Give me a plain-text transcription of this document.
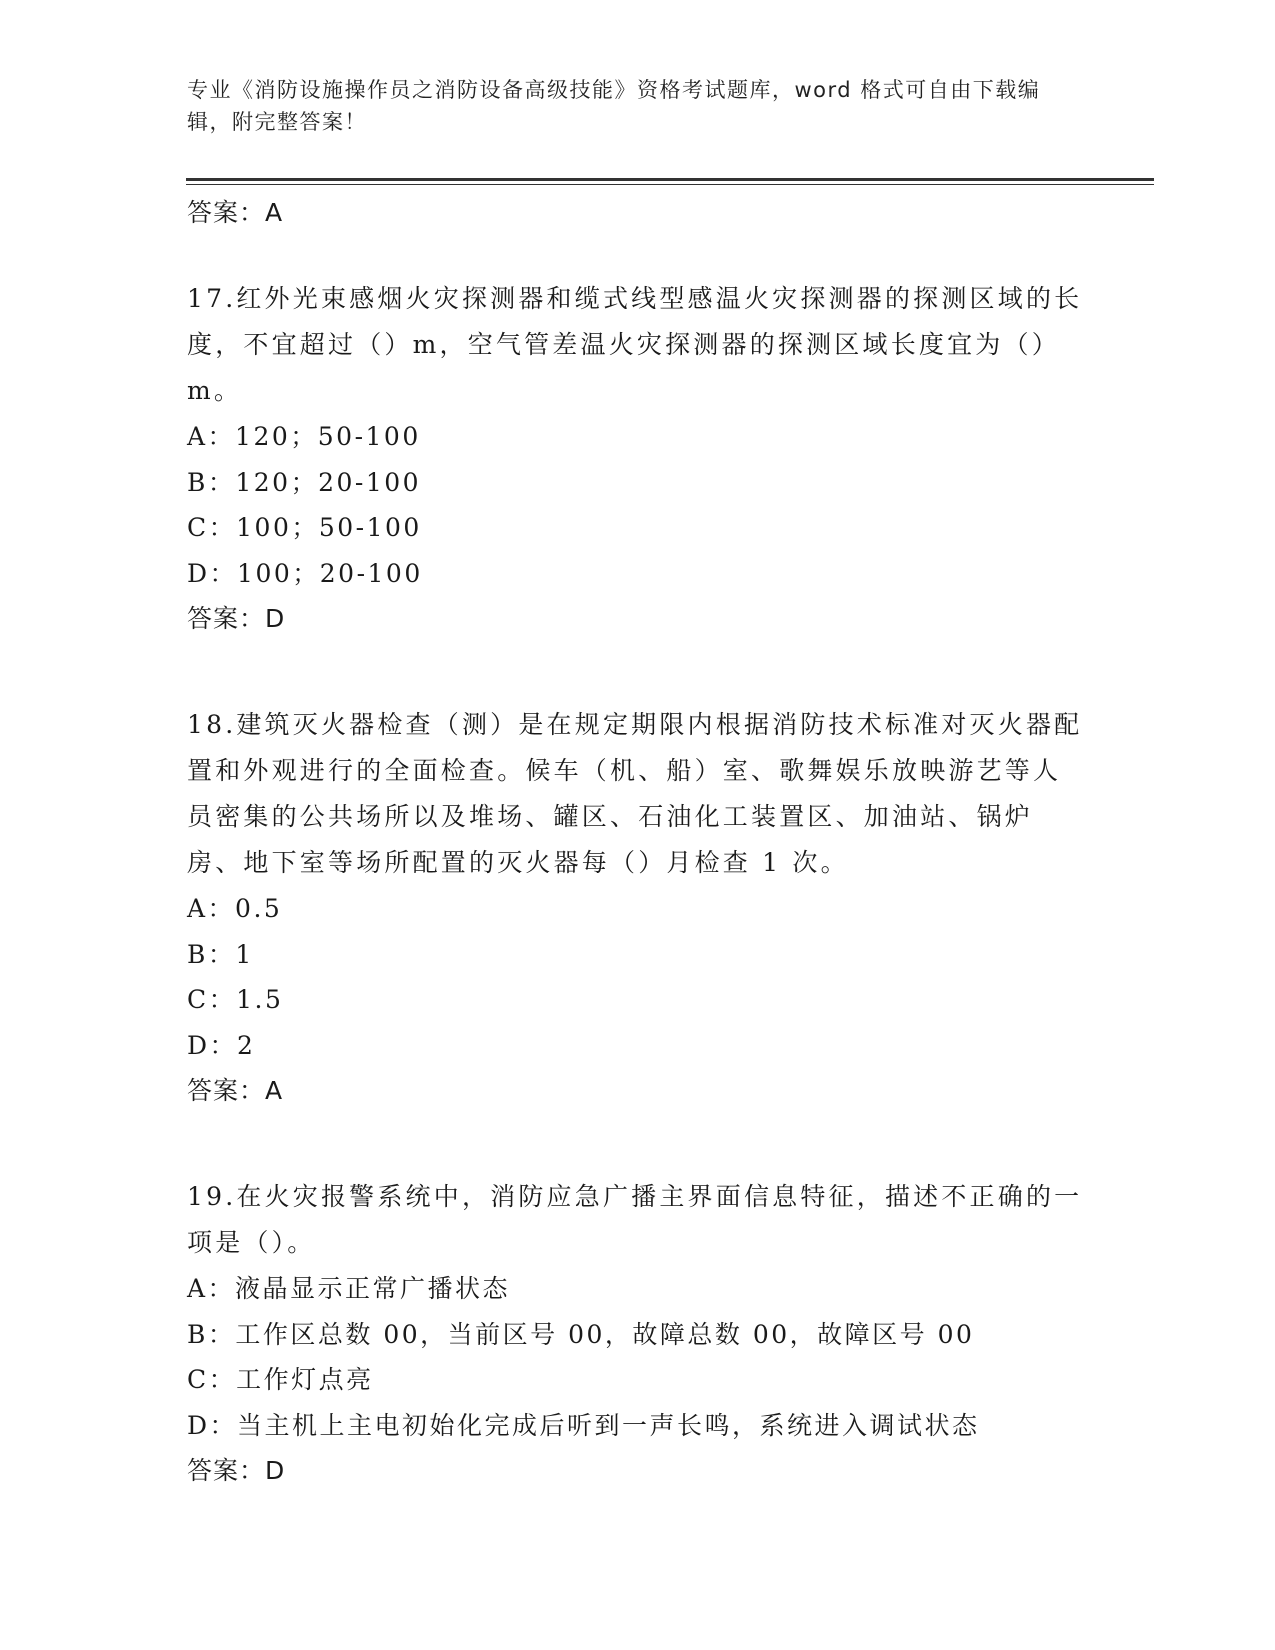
专业《消防设施操作员之消防设备高级技能》资格考试题库，word 格式可自由下载编辑，附完整答案！

答案：A

17.红外光束感烟火灾探测器和缆式线型感温火灾探测器的探测区域的长度，不宜超过（）m，空气管差温火灾探测器的探测区域长度宜为（）m。

A：120；50-100

B：120；20-100

C：100；50-100

D：100；20-100

答案：D

18.建筑灭火器检查（测）是在规定期限内根据消防技术标准对灭火器配置和外观进行的全面检查。候车（机、船）室、歌舞娱乐放映游艺等人员密集的公共场所以及堆场、罐区、石油化工装置区、加油站、锅炉房、地下室等场所配置的灭火器每（）月检查 1 次。

A：0.5

B：1

C：1.5

D：2

答案：A

19.在火灾报警系统中，消防应急广播主界面信息特征，描述不正确的一项是（）。

A：液晶显示正常广播状态

B：工作区总数 00，当前区号 00，故障总数 00，故障区号 00

C：工作灯点亮

D：当主机上主电初始化完成后听到一声长鸣，系统进入调试状态

答案：D
